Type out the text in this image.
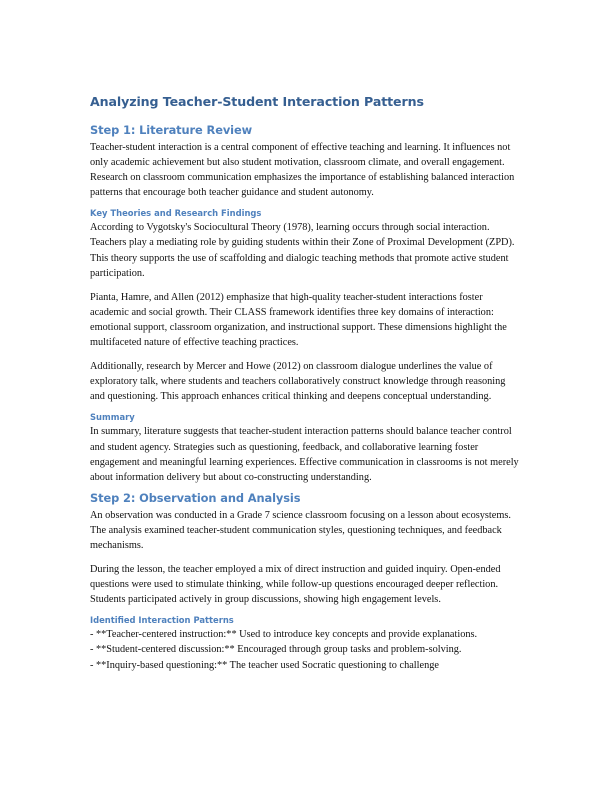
Analyzing Teacher-Student Interaction Patterns
Step 1: Literature Review

Teacher-student interaction is a central component of effective teaching and learning. It influences not only academic achievement but also student motivation, classroom climate, and overall engagement. Research on classroom communication emphasizes the importance of establishing balanced interaction patterns that encourage both teacher guidance and student autonomy.

Key Theories and Research Findings

According to Vygotsky's Sociocultural Theory (1978), learning occurs through social interaction. Teachers play a mediating role by guiding students within their Zone of Proximal Development (ZPD). This theory supports the use of scaffolding and dialogic teaching methods that promote active student participation.

Pianta, Hamre, and Allen (2012) emphasize that high-quality teacher-student interactions foster academic and social growth. Their CLASS framework identifies three key domains of interaction: emotional support, classroom organization, and instructional support. These dimensions highlight the multifaceted nature of effective teaching practices.

Additionally, research by Mercer and Howe (2012) on classroom dialogue underlines the value of exploratory talk, where students and teachers collaboratively construct knowledge through reasoning and questioning. This approach enhances critical thinking and deepens conceptual understanding.

Summary

In summary, literature suggests that teacher-student interaction patterns should balance teacher control and student agency. Strategies such as questioning, feedback, and collaborative learning foster engagement and meaningful learning experiences. Effective communication in classrooms is not merely about information delivery but about co-constructing understanding.

Step 2: Observation and Analysis

An observation was conducted in a Grade 7 science classroom focusing on a lesson about ecosystems. The analysis examined teacher-student communication styles, questioning techniques, and feedback mechanisms.

During the lesson, the teacher employed a mix of direct instruction and guided inquiry. Open-ended questions were used to stimulate thinking, while follow-up questions encouraged deeper reflection. Students participated actively in group discussions, showing high engagement levels.

Identified Interaction Patterns
- **Teacher-centered instruction:** Used to introduce key concepts and provide explanations.
- **Student-centered discussion:** Encouraged through group tasks and problem-solving.
- **Inquiry-based questioning:** The teacher used Socratic questioning to challenge
